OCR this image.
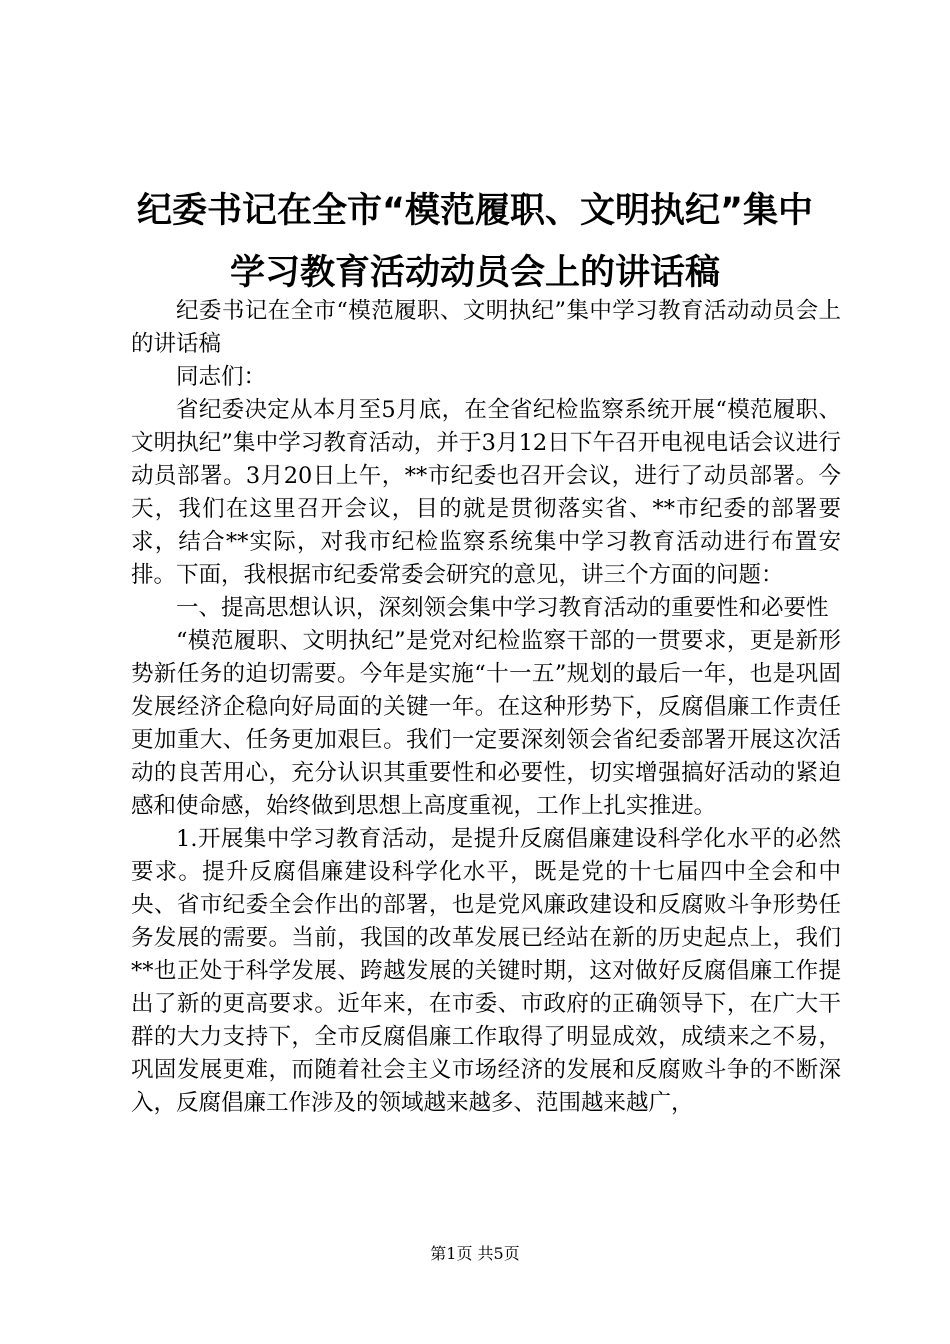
纪委书记在全市“模范履职、文明执纪”集中
学习教育活动动员会上的讲话稿

纪委书记在全市“模范履职、文明执纪”集中学习教育活动动员会上的讲话稿

同志们：

省纪委决定从本月至5月底，在全省纪检监察系统开展“模范履职、文明执纪”集中学习教育活动，并于3月12日下午召开电视电话会议进行动员部署。3月20日上午，**市纪委也召开会议，进行了动员部署。今天，我们在这里召开会议，目的就是贯彻落实省、**市纪委的部署要求，结合**实际，对我市纪检监察系统集中学习教育活动进行布置安排。下面，我根据市纪委常委会研究的意见，讲三个方面的问题：

一、提高思想认识，深刻领会集中学习教育活动的重要性和必要性

“模范履职、文明执纪”是党对纪检监察干部的一贯要求，更是新形势新任务的迫切需要。今年是实施“十一五”规划的最后一年，也是巩固发展经济企稳向好局面的关键一年。在这种形势下，反腐倡廉工作责任更加重大、任务更加艰巨。我们一定要深刻领会省纪委部署开展这次活动的良苦用心，充分认识其重要性和必要性，切实增强搞好活动的紧迫感和使命感，始终做到思想上高度重视，工作上扎实推进。

1.开展集中学习教育活动，是提升反腐倡廉建设科学化水平的必然要求。提升反腐倡廉建设科学化水平，既是党的十七届四中全会和中央、省市纪委全会作出的部署，也是党风廉政建设和反腐败斗争形势任务发展的需要。当前，我国的改革发展已经站在新的历史起点上，我们**也正处于科学发展、跨越发展的关键时期，这对做好反腐倡廉工作提出了新的更高要求。近年来，在市委、市政府的正确领导下，在广大干群的大力支持下，全市反腐倡廉工作取得了明显成效，成绩来之不易，巩固发展更难，而随着社会主义市场经济的发展和反腐败斗争的不断深入，反腐倡廉工作涉及的领域越来越多、范围越来越广，

第1页 共5页
